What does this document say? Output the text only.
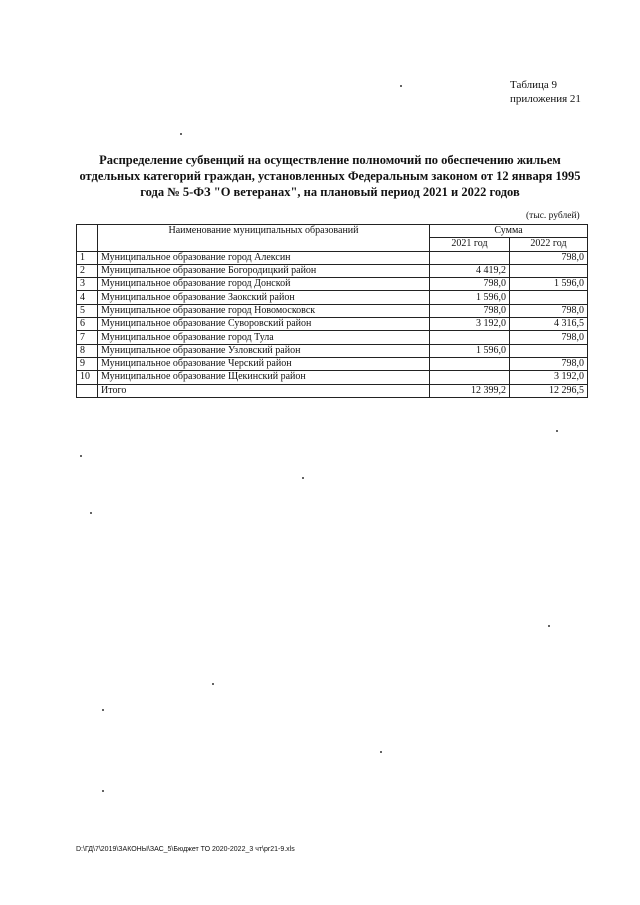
Таблица 9
приложения 21
Распределение субвенций на осуществление полномочий по обеспечению жильем
отдельных категорий граждан, установленных Федеральным законом от 12 января 1995
года № 5-ФЗ "О ветеранах", на плановый период 2021 и 2022 годов
(тыс. рублей)
	Наименование муниципальных образований	Сумма	
		2021 год	2022 год
1	Муниципальное образование город Алексин		798,0
2	Муниципальное образование Богородицкий район	4 419,2	
3	Муниципальное образование город Донской	798,0	1 596,0
4	Муниципальное образование Заокский район	1 596,0	
5	Муниципальное образование город Новомосковск	798,0	798,0
6	Муниципальное образование Суворовский район	3 192,0	4 316,5
7	Муниципальное образование город Тула		798,0
8	Муниципальное образование Узловский район	1 596,0	
9	Муниципальное образование Черский район		798,0
10	Муниципальное образование Щекинский район		3 192,0
	Итого	12 399,2	12 296,5
D:\ГД\7\2019\ЗАКОНЫ\ЗАС_5\Бюджет ТО 2020-2022_3 чт\pr21-9.xls
